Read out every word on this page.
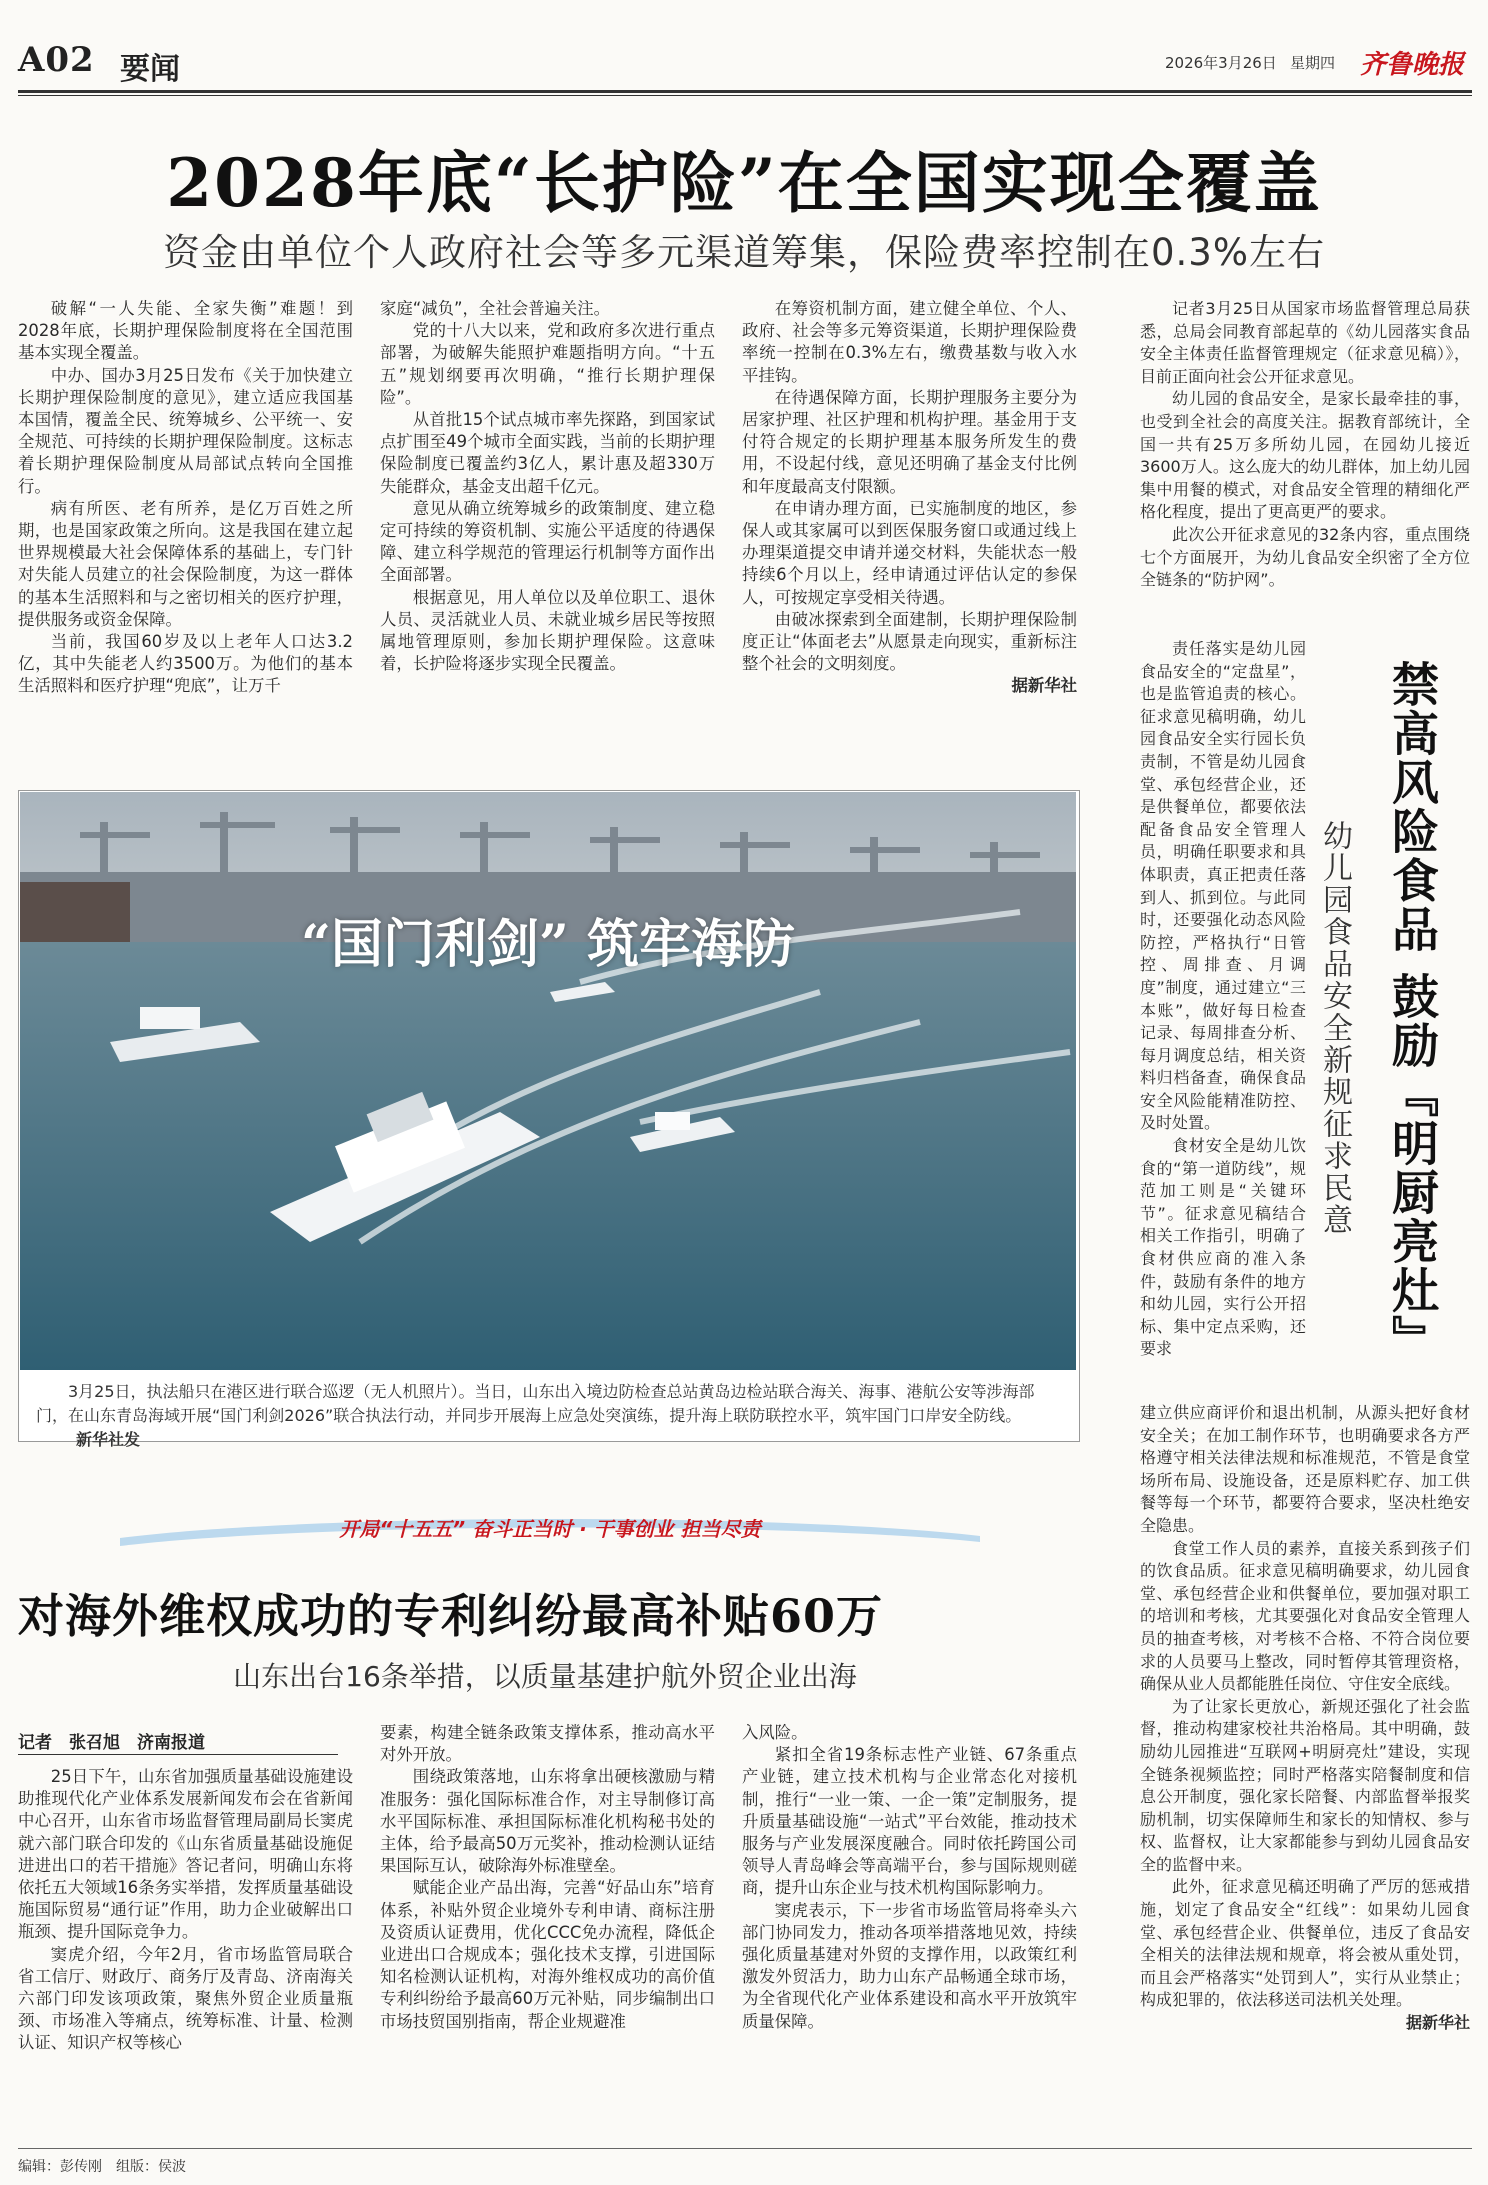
A02 要闻	2026年3月26日 星期四 齐鲁晚报
2028年底“长护险”在全国实现全覆盖
资金由单位个人政府社会等多元渠道筹集，保险费率控制在0.3%左右

破解“一人失能、全家失衡”难题！到2028年底，长期护理保险制度将在全国范围基本实现全覆盖。

中办、国办3月25日发布《关于加快建立长期护理保险制度的意见》，建立适应我国基本国情，覆盖全民、统筹城乡、公平统一、安全规范、可持续的长期护理保险制度。这标志着长期护理保险制度从局部试点转向全国推行。

病有所医、老有所养，是亿万百姓之所期，也是国家政策之所向。这是我国在建立起世界规模最大社会保障体系的基础上，专门针对失能人员建立的社会保险制度，为这一群体的基本生活照料和与之密切相关的医疗护理，提供服务或资金保障。

当前，我国60岁及以上老年人口达3.2亿，其中失能老人约3500万。为他们的基本生活照料和医疗护理“兜底”，让万千

家庭“减负”，全社会普遍关注。

党的十八大以来，党和政府多次进行重点部署，为破解失能照护难题指明方向。“十五五”规划纲要再次明确，“推行长期护理保险”。

从首批15个试点城市率先探路，到国家试点扩围至49个城市全面实践，当前的长期护理保险制度已覆盖约3亿人，累计惠及超330万失能群众，基金支出超千亿元。

意见从确立统筹城乡的政策制度、建立稳定可持续的筹资机制、实施公平适度的待遇保障、建立科学规范的管理运行机制等方面作出全面部署。

根据意见，用人单位以及单位职工、退休人员、灵活就业人员、未就业城乡居民等按照属地管理原则，参加长期护理保险。这意味着，长护险将逐步实现全民覆盖。

在筹资机制方面，建立健全单位、个人、政府、社会等多元筹资渠道，长期护理保险费率统一控制在0.3%左右，缴费基数与收入水平挂钩。

在待遇保障方面，长期护理服务主要分为居家护理、社区护理和机构护理。基金用于支付符合规定的长期护理基本服务所发生的费用，不设起付线，意见还明确了基金支付比例和年度最高支付限额。

在申请办理方面，已实施制度的地区，参保人或其家属可以到医保服务窗口或通过线上办理渠道提交申请并递交材料，失能状态一般持续6个月以上，经申请通过评估认定的参保人，可按规定享受相关待遇。

由破冰探索到全面建制，长期护理保险制度正让“体面老去”从愿景走向现实，重新标注整个社会的文明刻度。

据新华社
“国门利剑” 筑牢海防
3月25日，执法船只在港区进行联合巡逻（无人机照片）。当日，山东出入境边防检查总站黄岛边检站联合海关、海事、港航公安等涉海部门，在山东青岛海域开展“国门利剑2026”联合执法行动，并同步开展海上应急处突演练，提升海上联防联控水平，筑牢国门口岸安全防线。 新华社发
开局“十五五” 奋斗正当时 · 干事创业 担当尽责
对海外维权成功的专利纠纷最高补贴60万
山东出台16条举措，以质量基建护航外贸企业出海
记者　张召旭　济南报道

25日下午，山东省加强质量基础设施建设助推现代化产业体系发展新闻发布会在省新闻中心召开，山东省市场监督管理局副局长窦虎就六部门联合印发的《山东省质量基础设施促进进出口的若干措施》答记者问，明确山东将依托五大领域16条务实举措，发挥质量基础设施国际贸易“通行证”作用，助力企业破解出口瓶颈、提升国际竞争力。

窦虎介绍，今年2月，省市场监管局联合省工信厅、财政厅、商务厅及青岛、济南海关六部门印发该项政策，聚焦外贸企业质量瓶颈、市场准入等痛点，统筹标准、计量、检测认证、知识产权等核心

要素，构建全链条政策支撑体系，推动高水平对外开放。

围绕政策落地，山东将拿出硬核激励与精准服务：强化国际标准合作，对主导制修订高水平国际标准、承担国际标准化机构秘书处的主体，给予最高50万元奖补，推动检测认证结果国际互认，破除海外标准壁垒。

赋能企业产品出海，完善“好品山东”培育体系，补贴外贸企业境外专利申请、商标注册及资质认证费用，优化CCC免办流程，降低企业进出口合规成本；强化技术支撑，引进国际知名检测认证机构，对海外维权成功的高价值专利纠纷给予最高60万元补贴，同步编制出口市场技贸国别指南，帮企业规避准

入风险。

紧扣全省19条标志性产业链、67条重点产业链，建立技术机构与企业常态化对接机制，推行“一业一策、一企一策”定制服务，提升质量基础设施“一站式”平台效能，推动技术服务与产业发展深度融合。同时依托跨国公司领导人青岛峰会等高端平台，参与国际规则磋商，提升山东企业与技术机构国际影响力。

窦虎表示，下一步省市场监管局将牵头六部门协同发力，推动各项举措落地见效，持续强化质量基建对外贸的支撑作用，以政策红利激发外贸活力，助力山东产品畅通全球市场，为全省现代化产业体系建设和高水平开放筑牢质量保障。

记者3月25日从国家市场监督管理总局获悉，总局会同教育部起草的《幼儿园落实食品安全主体责任监督管理规定（征求意见稿）》，目前正面向社会公开征求意见。

幼儿园的食品安全，是家长最牵挂的事，也受到全社会的高度关注。据教育部统计，全国一共有25万多所幼儿园，在园幼儿接近3600万人。这么庞大的幼儿群体，加上幼儿园集中用餐的模式，对食品安全管理的精细化严格化程度，提出了更高更严的要求。

此次公开征求意见的32条内容，重点围绕七个方面展开，为幼儿食品安全织密了全方位全链条的“防护网”。

责任落实是幼儿园食品安全的“定盘星”，也是监管追责的核心。征求意见稿明确，幼儿园食品安全实行园长负责制，不管是幼儿园食堂、承包经营企业，还是供餐单位，都要依法配备食品安全管理人员，明确任职要求和具体职责，真正把责任落到人、抓到位。与此同时，还要强化动态风险防控，严格执行“日管控、周排查、月调度”制度，通过建立“三本账”，做好每日检查记录、每周排查分析、每月调度总结，相关资料归档备查，确保食品安全风险能精准防控、及时处置。

食材安全是幼儿饮食的“第一道防线”，规范加工则是“关键环节”。征求意见稿结合相关工作指引，明确了食材供应商的准入条件，鼓励有条件的地方和幼儿园，实行公开招标、集中定点采购，还要求	禁高风险食品 鼓励『明厨亮灶』
幼儿园食品安全新规征求民意

建立供应商评价和退出机制，从源头把好食材安全关；在加工制作环节，也明确要求各方严格遵守相关法律法规和标准规范，不管是食堂场所布局、设施设备，还是原料贮存、加工供餐等每一个环节，都要符合要求，坚决杜绝安全隐患。

食堂工作人员的素养，直接关系到孩子们的饮食品质。征求意见稿明确要求，幼儿园食堂、承包经营企业和供餐单位，要加强对职工的培训和考核，尤其要强化对食品安全管理人员的抽查考核，对考核不合格、不符合岗位要求的人员要马上整改，同时暂停其管理资格，确保从业人员都能胜任岗位、守住安全底线。

为了让家长更放心，新规还强化了社会监督，推动构建家校社共治格局。其中明确，鼓励幼儿园推进“互联网+明厨亮灶”建设，实现全链条视频监控；同时严格落实陪餐制度和信息公开制度，强化家长陪餐、内部监督举报奖励机制，切实保障师生和家长的知情权、参与权、监督权，让大家都能参与到幼儿园食品安全的监督中来。

此外，征求意见稿还明确了严厉的惩戒措施，划定了食品安全“红线”：如果幼儿园食堂、承包经营企业、供餐单位，违反了食品安全相关的法律法规和规章，将会被从重处罚，而且会严格落实“处罚到人”，实行从业禁止；构成犯罪的，依法移送司法机关处理。

据新华社
编辑：彭传刚　组版：侯波
